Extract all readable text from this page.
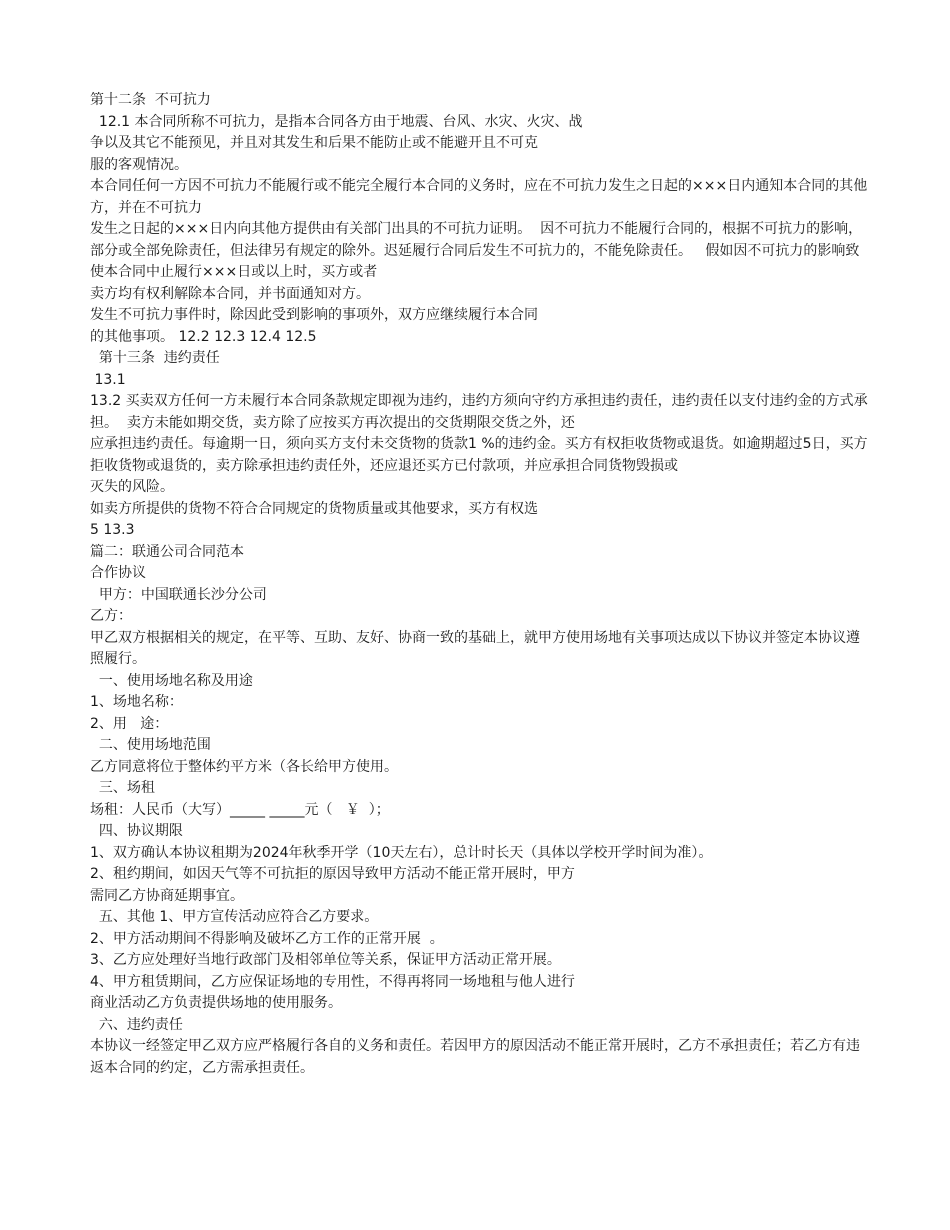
第十二条  不可抗力
12.1 本合同所称不可抗力，是指本合同各方由于地震、台风、水灾、火灾、战
争以及其它不能预见，并且对其发生和后果不能防止或不能避开且不可克
服的客观情况。
本合同任何一方因不可抗力不能履行或不能完全履行本合同的义务时，应在不可抗力发生之日起的×××日内通知本合同的其他方，并在不可抗力
发生之日起的×××日内向其他方提供由有关部门出具的不可抗力证明。  因不可抗力不能履行合同的，根据不可抗力的影响，部分或全部免除责任，但法律另有规定的除外。迟延履行合同后发生不可抗力的，不能免除责任。   假如因不可抗力的影响致使本合同中止履行×××日或以上时，买方或者
卖方均有权利解除本合同，并书面通知对方。
发生不可抗力事件时，除因此受到影响的事项外，双方应继续履行本合同
的其他事项。 12.2 12.3 12.4 12.5
第十三条  违约责任
13.1
13.2 买卖双方任何一方未履行本合同条款规定即视为违约，违约方须向守约方承担违约责任，违约责任以支付违约金的方式承担。  卖方未能如期交货，卖方除了应按买方再次提出的交货期限交货之外，还
应承担违约责任。每逾期一日，须向买方支付未交货物的货款1 %的违约金。买方有权拒收货物或退货。如逾期超过5日，买方拒收货物或退货的，卖方除承担违约责任外，还应退还买方已付款项，并应承担合同货物毁损或
灭失的风险。
如卖方所提供的货物不符合合同规定的货物质量或其他要求，买方有权选
5 13.3
篇二：联通公司合同范本
合作协议
甲方：中国联通长沙分公司
乙方：
甲乙双方根据相关的规定，在平等、互助、友好、协商一致的基础上，就甲方使用场地有关事项达成以下协议并签定本协议遵照履行。
一、使用场地名称及用途
1、场地名称：
2、用   途：
二、使用场地范围
乙方同意将位于整体约平方米（各长给甲方使用。
三、场租
场租：人民币（大写）_____ _____元（   ￥  ）；
四、协议期限
1、双方确认本协议租期为2024年秋季开学（10天左右），总计时长天（具体以学校开学时间为准）。
2、租约期间，如因天气等不可抗拒的原因导致甲方活动不能正常开展时，甲方
需同乙方协商延期事宜。
五、其他 1、甲方宣传活动应符合乙方要求。
2、甲方活动期间不得影响及破坏乙方工作的正常开展  。
3、乙方应处理好当地行政部门及相邻单位等关系，保证甲方活动正常开展。
4、甲方租赁期间，乙方应保证场地的专用性，不得再将同一场地租与他人进行
商业活动乙方负责提供场地的使用服务。
六、违约责任
本协议一经签定甲乙双方应严格履行各自的义务和责任。若因甲方的原因活动不能正常开展时，乙方不承担责任；若乙方有违返本合同的约定，乙方需承担责任。
